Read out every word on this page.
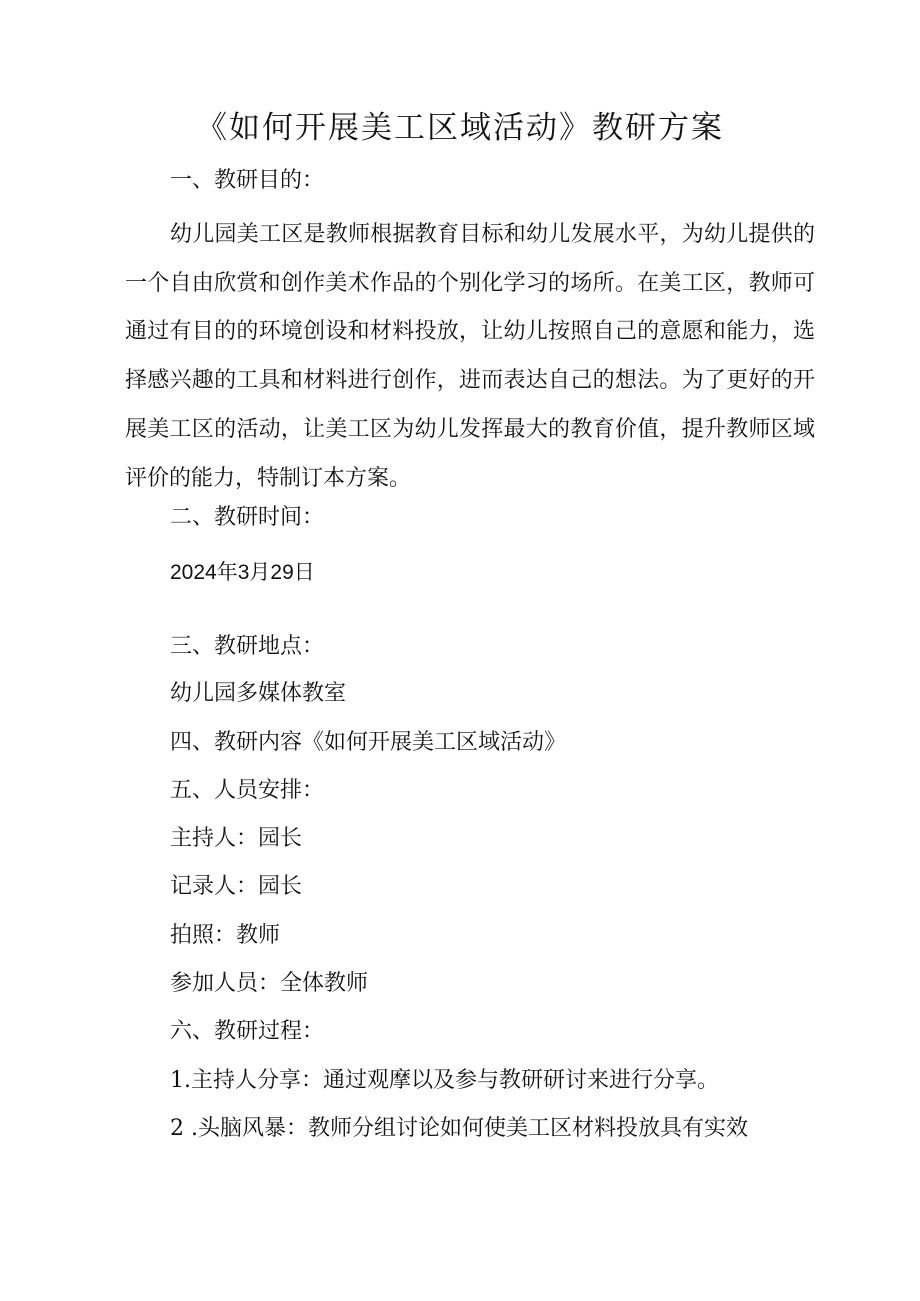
《如何开展美工区域活动》教研方案

一、教研目的：

幼儿园美工区是教师根据教育目标和幼儿发展水平，为幼儿提供的一个自由欣赏和创作美术作品的个别化学习的场所。在美工区，教师可通过有目的的环境创设和材料投放，让幼儿按照自己的意愿和能力，选择感兴趣的工具和材料进行创作，进而表达自己的想法。为了更好的开展美工区的活动，让美工区为幼儿发挥最大的教育价值，提升教师区域评价的能力，特制订本方案。

二、教研时间：

2024年3月29日

三、教研地点：

幼儿园多媒体教室

四、教研内容《如何开展美工区域活动》

五、人员安排：

主持人：园长

记录人：园长

拍照：教师

参加人员：全体教师

六、教研过程：

1.主持人分享：通过观摩以及参与教研研讨来进行分享。

2 .头脑风暴：教师分组讨论如何使美工区材料投放具有实效
